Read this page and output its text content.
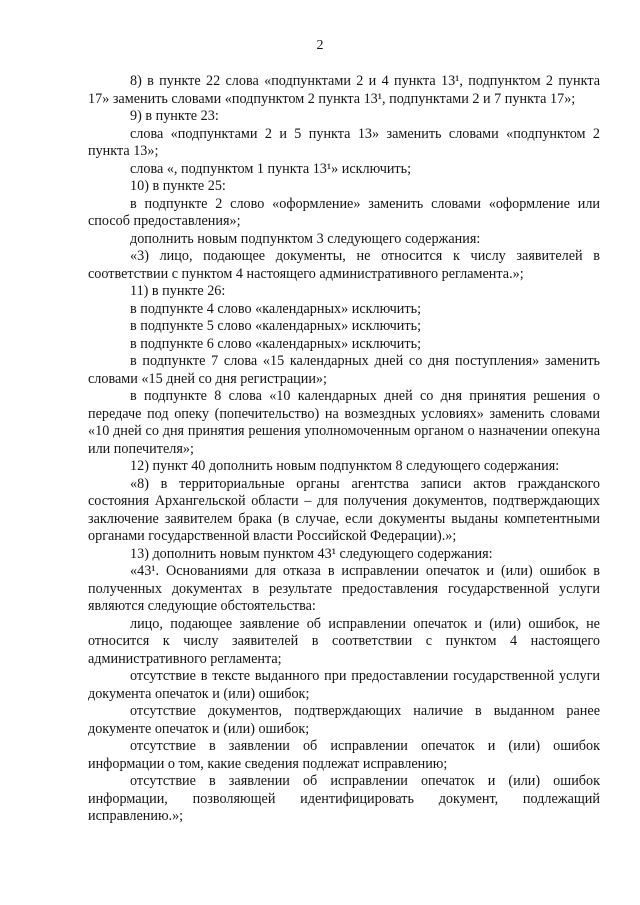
2

8) в пункте 22 слова «подпунктами 2 и 4 пункта 13¹, подпунктом 2 пункта 17» заменить словами «подпунктом 2 пункта 13¹, подпунктами 2 и 7 пункта 17»;

9) в пункте 23:

слова «подпунктами 2 и 5 пункта 13» заменить словами «подпунктом 2 пункта 13»;

слова «, подпунктом 1 пункта 13¹» исключить;

10) в пункте 25:

в подпункте 2 слово «оформление» заменить словами «оформление или способ предоставления»;

дополнить новым подпунктом 3 следующего содержания:

«3) лицо, подающее документы, не относится к числу заявителей в соответствии с пунктом 4 настоящего административного регламента.»;

11) в пункте 26:

в подпункте 4 слово «календарных» исключить;

в подпункте 5 слово «календарных» исключить;

в подпункте 6 слово «календарных» исключить;

в подпункте 7 слова «15 календарных дней со дня поступления» заменить словами «15 дней со дня регистрации»;

в подпункте 8 слова «10 календарных дней со дня принятия решения о передаче под опеку (попечительство) на возмездных условиях» заменить словами «10 дней со дня принятия решения уполномоченным органом о назначении опекуна или попечителя»;

12) пункт 40 дополнить новым подпунктом 8 следующего содержания:

«8) в территориальные органы агентства записи актов гражданского состояния Архангельской области – для получения документов, подтверждающих заключение заявителем брака (в случае, если документы выданы компетентными органами государственной власти Российской Федерации).»;

13) дополнить новым пунктом 43¹ следующего содержания:

«43¹. Основаниями для отказа в исправлении опечаток и (или) ошибок в полученных документах в результате предоставления государственной услуги являются следующие обстоятельства:

лицо, подающее заявление об исправлении опечаток и (или) ошибок, не относится к числу заявителей в соответствии с пунктом 4 настоящего административного регламента;

отсутствие в тексте выданного при предоставлении государственной услуги документа опечаток и (или) ошибок;

отсутствие документов, подтверждающих наличие в выданном ранее документе опечаток и (или) ошибок;

отсутствие в заявлении об исправлении опечаток и (или) ошибок информации о том, какие сведения подлежат исправлению;

отсутствие в заявлении об исправлении опечаток и (или) ошибок информации, позволяющей идентифицировать документ, подлежащий исправлению.»;
